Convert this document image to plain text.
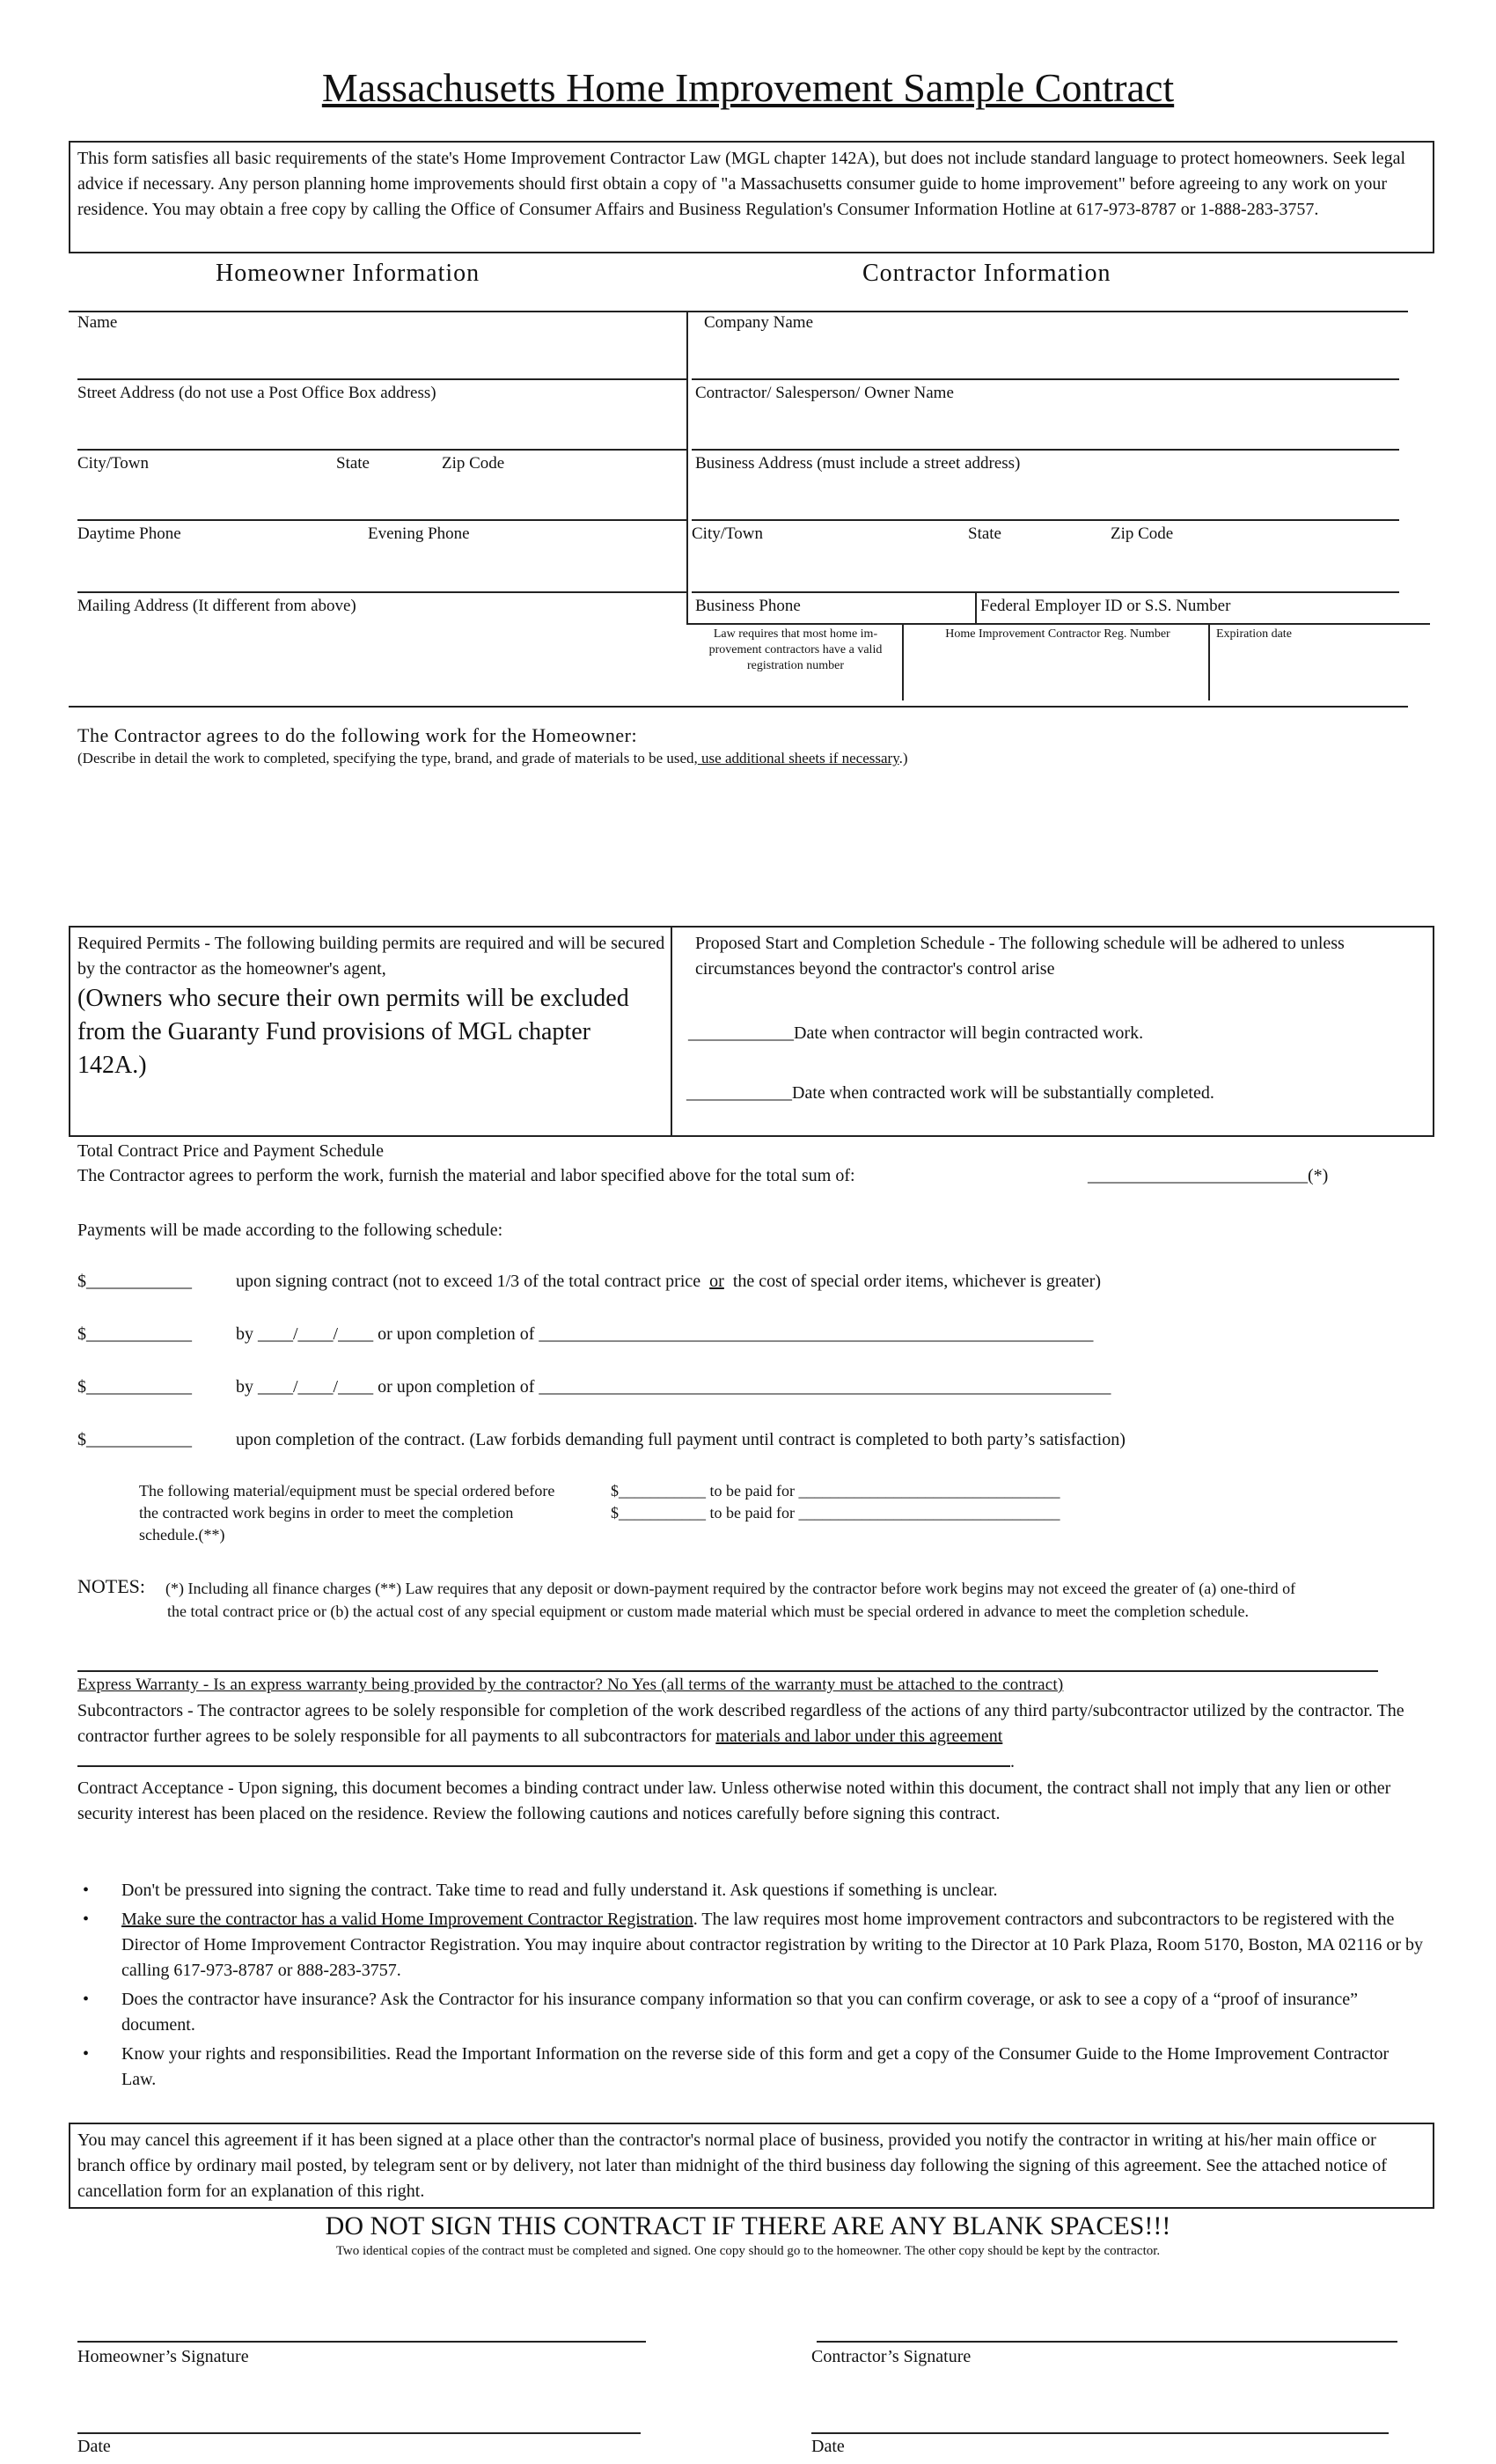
Massachusetts Home Improvement Sample Contract
This form satisfies all basic requirements of the state's Home Improvement Contractor Law (MGL chapter 142A), but does not include standard language to protect homeowners. Seek legal advice if necessary. Any person planning home improvements should first obtain a copy of "a Massachusetts consumer guide to home improvement" before agreeing to any work on your residence. You may obtain a free copy by calling the Office of Consumer Affairs and Business Regulation's Consumer Information Hotline at 617-973-8787 or 1-888-283-3757.
Homeowner Information	Contractor Information
Name
Street Address (do not use a Post Office Box address)
City/Town	State	Zip Code
Daytime Phone	Evening Phone
Mailing Address (It different from above)
Company Name
Contractor/ Salesperson/ Owner Name
Business Address (must include a street address)
City/Town	State	Zip Code
Business Phone	Federal Employer ID or S.S. Number
Law requires that most home im- provement contractors have a valid registration number
Home Improvement Contractor Reg. Number	Expiration date
The Contractor agrees to do the following work for the Homeowner:
(Describe in detail the work to completed, specifying the type, brand, and grade of materials to be used, use additional sheets if necessary.)
Required Permits - The following building permits are required and will be secured by the contractor as the homeowner's agent,
(Owners who secure their own permits will be excluded from the Guaranty Fund provisions of MGL chapter 142A.)
Proposed Start and Completion Schedule - The following schedule will be adhered to unless circumstances beyond the contractor's control arise
____________Date when contractor will begin contracted work.
____________Date when contracted work will be substantially completed.
Total Contract Price and Payment Schedule
The Contractor agrees to perform the work, furnish the material and labor specified above for the total sum of:	_________________________(*)
Payments will be made according to the following schedule:
$____________	upon signing contract (not to exceed 1/3 of the total contract price or the cost of special order items, whichever is greater)
$____________	by ____/____/____ or upon completion of _______________________________________________________________
$____________	by ____/____/____ or upon completion of _________________________________________________________________
$____________	upon completion of the contract. (Law forbids demanding full payment until contract is completed to both party’s satisfaction)
The following material/equipment must be special ordered before the contracted work begins in order to meet the completion schedule.(**)
$___________ to be paid for _________________________________
$___________ to be paid for _________________________________
NOTES: (*) Including all finance charges (**) Law requires that any deposit or down-payment required by the contractor before work begins may not exceed the greater of (a) one-third of the total contract price or (b) the actual cost of any special equipment or custom made material which must be special ordered in advance to meet the completion schedule.
Express Warranty - Is an express warranty being provided by the contractor? No Yes (all terms of the warranty must be attached to the contract)
Subcontractors - The contractor agrees to be solely responsible for completion of the work described regardless of the actions of any third party/subcontractor utilized by the contractor. The contractor further agrees to be solely responsible for all payments to all subcontractors for materials and labor under this agreement.
Contract Acceptance - Upon signing, this document becomes a binding contract under law. Unless otherwise noted within this document, the contract shall not imply that any lien or other security interest has been placed on the residence. Review the following cautions and notices carefully before signing this contract.
• Don't be pressured into signing the contract. Take time to read and fully understand it. Ask questions if something is unclear.
• Make sure the contractor has a valid Home Improvement Contractor Registration. The law requires most home improvement contractors and subcontractors to be registered with the Director of Home Improvement Contractor Registration. You may inquire about contractor registration by writing to the Director at 10 Park Plaza, Room 5170, Boston, MA 02116 or by calling 617-973-8787 or 888-283-3757.
• Does the contractor have insurance? Ask the Contractor for his insurance company information so that you can confirm coverage, or ask to see a copy of a “proof of insurance” document.
• Know your rights and responsibilities. Read the Important Information on the reverse side of this form and get a copy of the Consumer Guide to the Home Improvement Contractor Law.
You may cancel this agreement if it has been signed at a place other than the contractor's normal place of business, provided you notify the contractor in writing at his/her main office or branch office by ordinary mail posted, by telegram sent or by delivery, not later than midnight of the third business day following the signing of this agreement. See the attached notice of cancellation form for an explanation of this right.
DO NOT SIGN THIS CONTRACT IF THERE ARE ANY BLANK SPACES!!!
Two identical copies of the contract must be completed and signed. One copy should go to the homeowner. The other copy should be kept by the contractor.
Homeowner’s Signature	Contractor’s Signature
Date	Date
